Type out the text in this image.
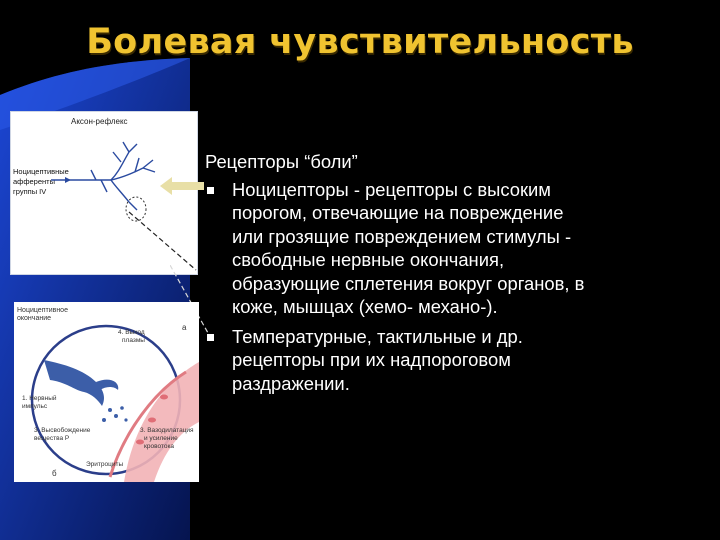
Болевая чувствительность
Аксон-рефлекс
Ноцицептивные
афференты
группы IV
Ноцицептивное
окончание
4. Выход
плазмы
а
1. Нервный
импульс
3. Высвобождение
вещества Р
3. Вазодилатация
и усиление
кровотока
Эритроциты
б
Рецепторы “боли”
Ноцицепторы - рецепторы с высоким
порогом, отвечающие на повреждение
или грозящие повреждением стимулы -
свободные нервные окончания,
образующие сплетения вокруг органов, в
коже, мышцах (хемо- механо-).
Температурные, тактильные и др.
рецепторы при их надпороговом
раздражении.
